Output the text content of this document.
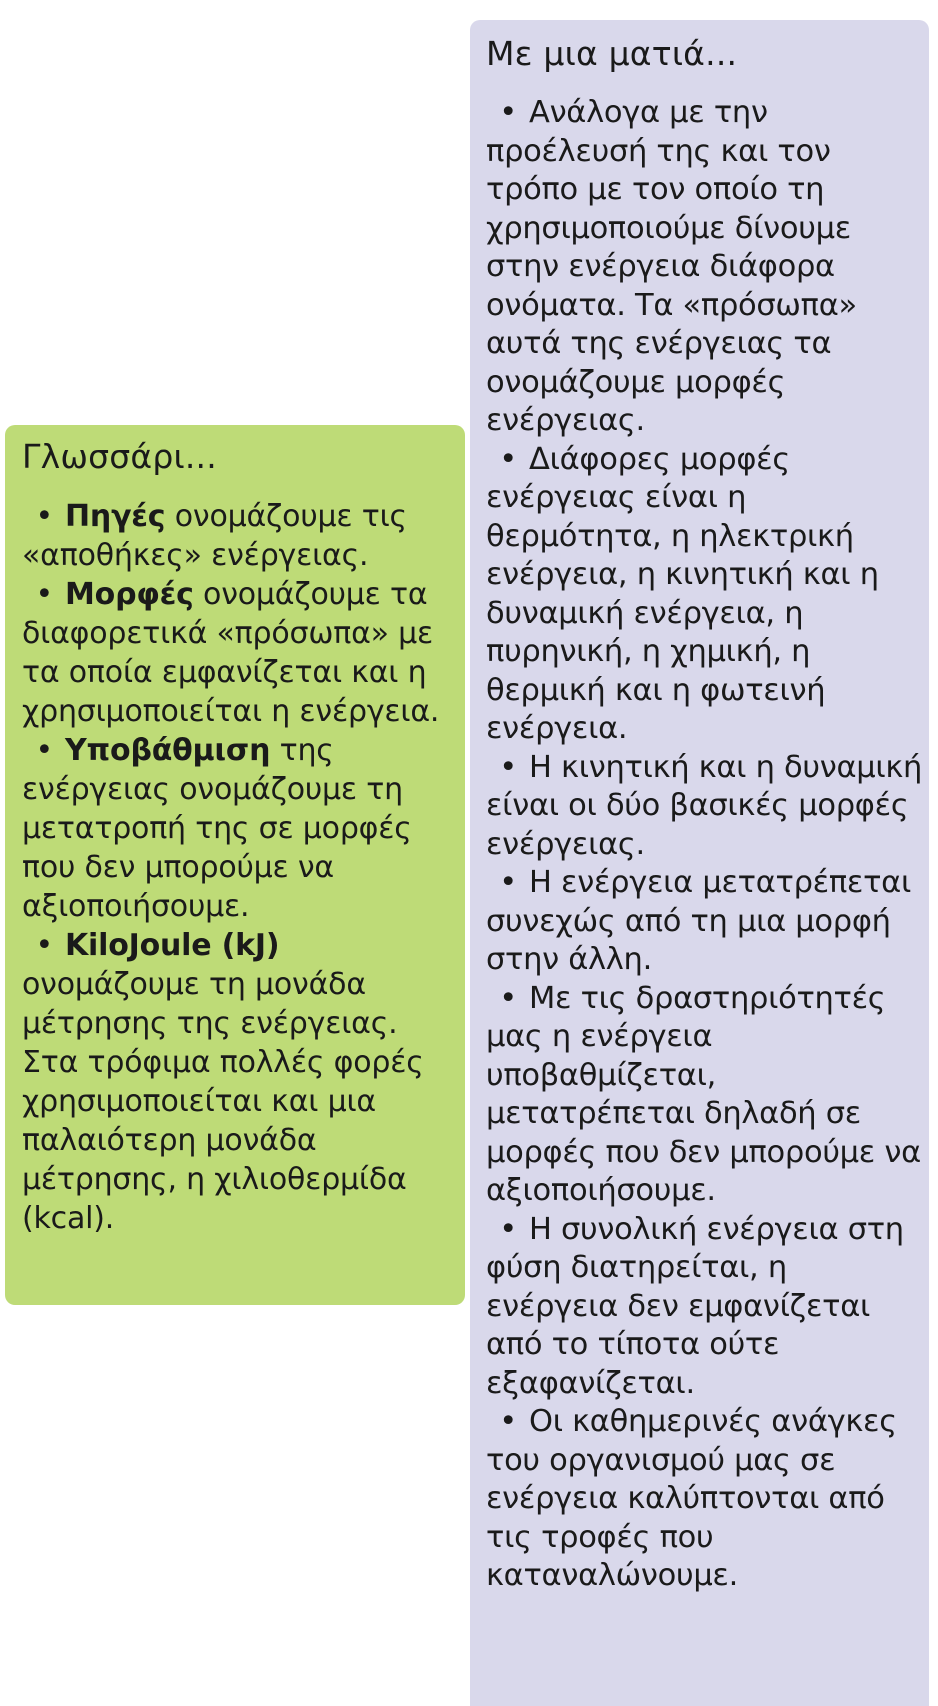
Γλωσσάρι...
• Πηγές ονομάζουμε τις «αποθήκες» ενέργειας.
• Μορφές ονομάζουμε τα διαφορετικά «πρόσωπα» με τα οποία εμφανίζεται και η χρησιμοποιείται η ενέργεια.
• Υποβάθμιση της ενέργειας ονομάζουμε τη μετατροπή της σε μορφές που δεν μπορούμε να αξιοποιήσουμε.
• KiloJoule (kJ) ονομάζουμε τη μονάδα μέτρησης της ενέργειας. Στα τρόφιμα πολλές φορές χρησιμοποιείται και μια παλαιότερη μονάδα μέτρησης, η χιλιοθερμίδα (kcal).
Με μια ματιά...
• Ανάλογα με την προέλευσή της και τον τρόπο με τον οποίο τη χρησιμοποιούμε δίνουμε στην ενέργεια διάφορα ονόματα. Τα «πρόσωπα» αυτά της ενέργειας τα ονομάζουμε μορφές ενέργειας.
• Διάφορες μορφές ενέργειας είναι η θερμότητα, η ηλεκτρική ενέργεια, η κινητική και η δυναμική ενέργεια, η πυρηνική, η χημική, η θερμική και η φωτεινή ενέργεια.
• Η κινητική και η δυναμική είναι οι δύο βασικές μορφές ενέργειας.
• Η ενέργεια μετατρέπεται συνεχώς από τη μια μορφή στην άλλη.
• Με τις δραστηριότητές μας η ενέργεια υποβαθμίζεται, μετατρέπεται δηλαδή σε μορφές που δεν μπορούμε να αξιοποιήσουμε.
• Η συνολική ενέργεια στη φύση διατηρείται, η ενέργεια δεν εμφανίζεται από το τίποτα ούτε εξαφανίζεται.
• Οι καθημερινές ανάγκες του οργανισμού μας σε ενέργεια καλύπτονται από τις τροφές που καταναλώνουμε.
